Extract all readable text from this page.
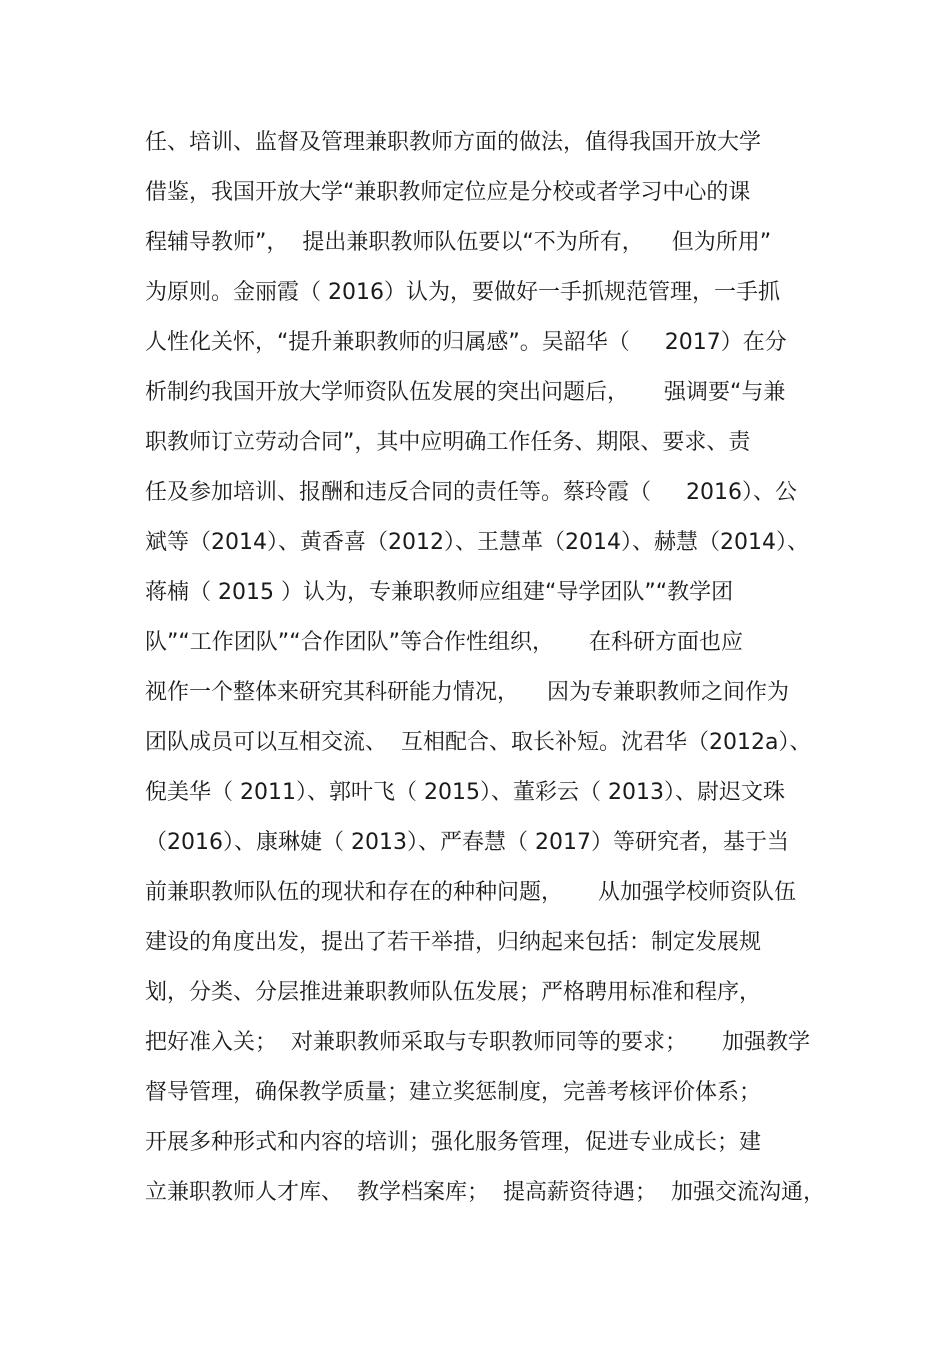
任、培训、监督及管理兼职教师方面的做法，值得我国开放大学
借鉴，我国开放大学“兼职教师定位应是分校或者学习中心的课
程辅导教师”，  提出兼职教师队伍要以“不为所有，    但为所用”
为原则。金丽霞（ 2016）认为，要做好一手抓规范管理，一手抓
人性化关怀，“提升兼职教师的归属感”。吴韶华（     2017）在分
析制约我国开放大学师资队伍发展的突出问题后，     强调要“与兼
职教师订立劳动合同”，其中应明确工作任务、期限、要求、责
任及参加培训、报酬和违反合同的责任等。蔡玲霞（     2016）、公
斌等（2014）、黄香喜（2012）、王慧革（2014）、赫慧（2014）、
蒋楠（ 2015 ）认为，专兼职教师应组建“导学团队”“教学团
队”“工作团队”“合作团队”等合作性组织，     在科研方面也应
视作一个整体来研究其科研能力情况，    因为专兼职教师之间作为
团队成员可以互相交流、  互相配合、取长补短。沈君华（2012a）、
倪美华（ 2011）、郭叶飞（ 2015）、董彩云（ 2013）、尉迟文珠
（2016）、康琳婕（ 2013）、严春慧（ 2017）等研究者，基于当
前兼职教师队伍的现状和存在的种种问题，     从加强学校师资队伍
建设的角度出发，提出了若干举措，归纳起来包括：制定发展规
划，分类、分层推进兼职教师队伍发展；严格聘用标准和程序，
把好准入关；  对兼职教师采取与专职教师同等的要求；     加强教学
督导管理，确保教学质量；建立奖惩制度，完善考核评价体系；
开展多种形式和内容的培训；强化服务管理，促进专业成长；建
立兼职教师人才库、  教学档案库；  提高薪资待遇；  加强交流沟通，
